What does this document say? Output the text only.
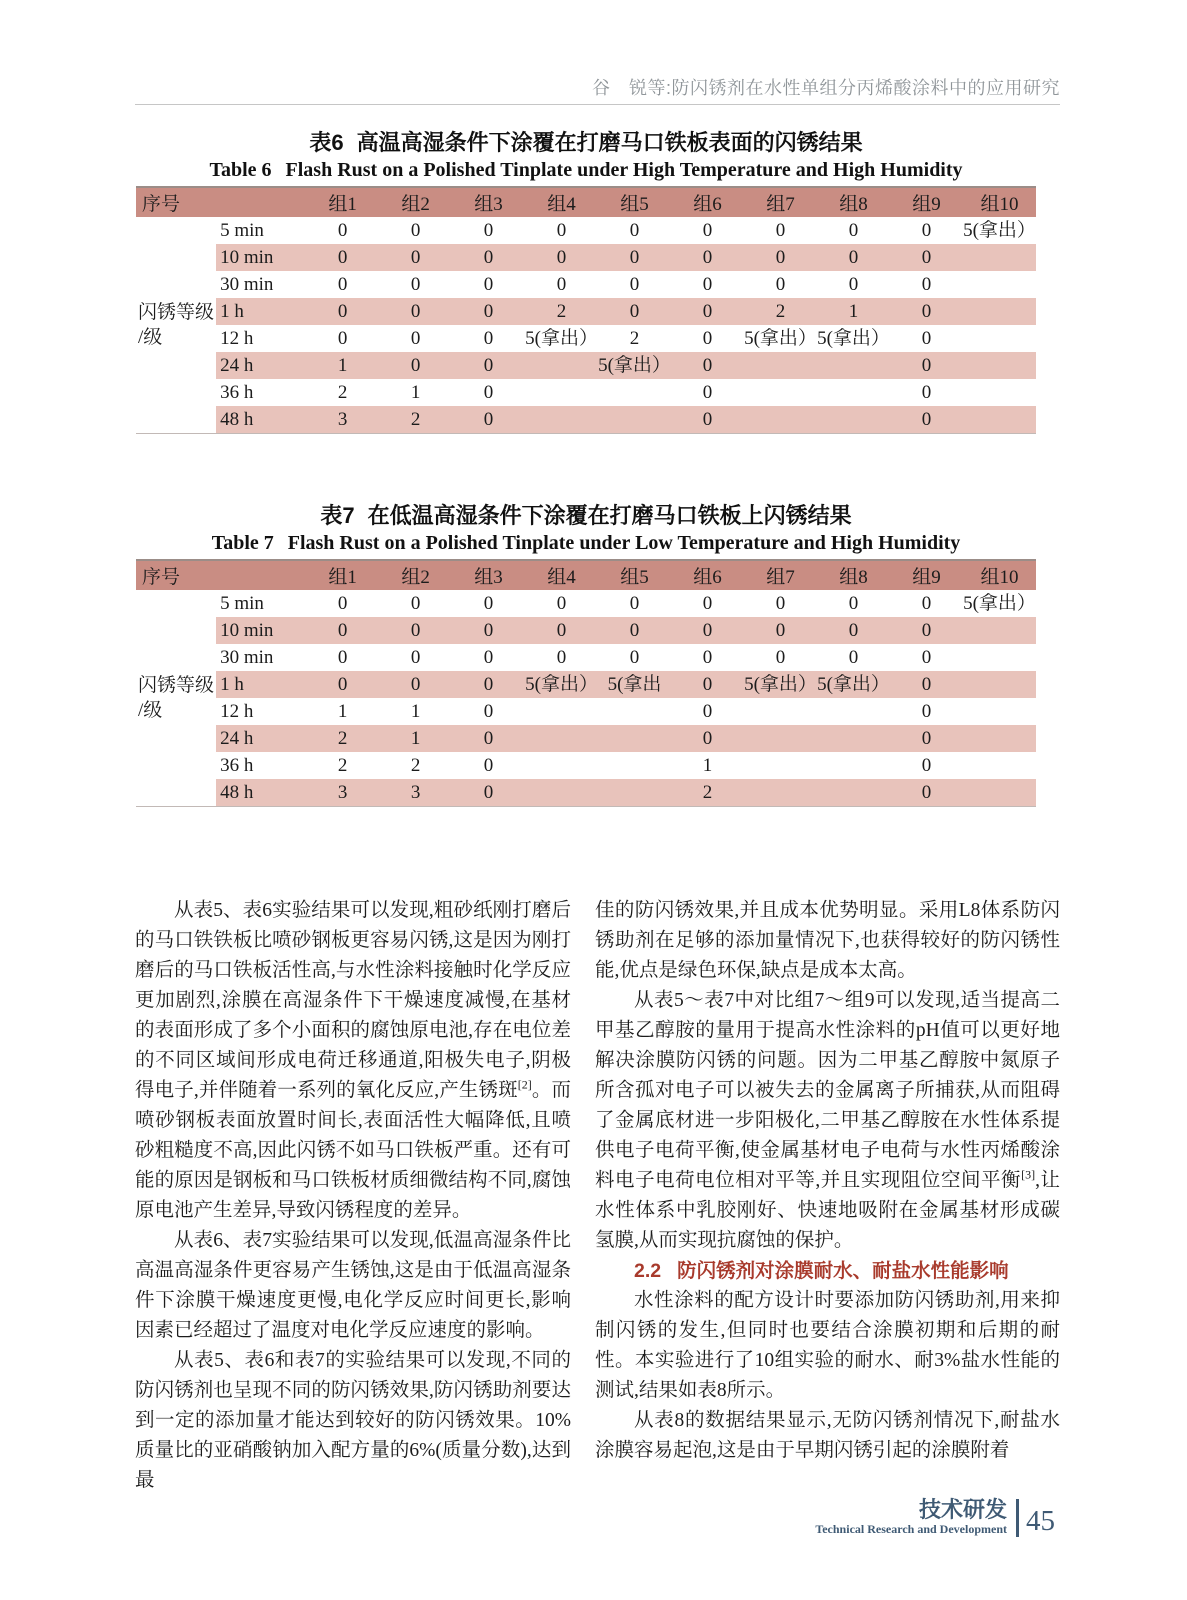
谷　锐等:防闪锈剂在水性单组分丙烯酸涂料中的应用研究
表6 高温高湿条件下涂覆在打磨马口铁板表面的闪锈结果
Table 6 Flash Rust on a Polished Tinplate under High Temperature and High Humidity
序号		组1	组2	组3	组4	组5	组6	组7	组8	组9	组10

闪锈等级
/级	5 min	0	0	0	0	0	0	0	0	0	5(拿出）
	10 min	0	0	0	0	0	0	0	0	0	
	30 min	0	0	0	0	0	0	0	0	0	
	1 h	0	0	0	2	0	0	2	1	0	
	12 h	0	0	0	5(拿出）	2	0	5(拿出）	5(拿出）	0	
	24 h	1	0	0		5(拿出）	0			0	
	36 h	2	1	0			0			0	
	48 h	3	2	0			0			0	
表7 在低温高湿条件下涂覆在打磨马口铁板上闪锈结果
Table 7 Flash Rust on a Polished Tinplate under Low Temperature and High Humidity
序号		组1	组2	组3	组4	组5	组6	组7	组8	组9	组10

闪锈等级
/级	5 min	0	0	0	0	0	0	0	0	0	5(拿出）
	10 min	0	0	0	0	0	0	0	0	0	
	30 min	0	0	0	0	0	0	0	0	0	
	1 h	0	0	0	5(拿出）	5(拿出	0	5(拿出）	5(拿出）	0	
	12 h	1	1	0			0			0	
	24 h	2	1	0			0			0	
	36 h	2	2	0			1			0	
	48 h	3	3	0			2			0	

从表5、表6实验结果可以发现,粗砂纸刚打磨后的马口铁铁板比喷砂钢板更容易闪锈,这是因为刚打磨后的马口铁板活性高,与水性涂料接触时化学反应更加剧烈,涂膜在高湿条件下干燥速度减慢,在基材的表面形成了多个小面积的腐蚀原电池,存在电位差的不同区域间形成电荷迁移通道,阳极失电子,阴极得电子,并伴随着一系列的氧化反应,产生锈斑[2]。而喷砂钢板表面放置时间长,表面活性大幅降低,且喷砂粗糙度不高,因此闪锈不如马口铁板严重。还有可能的原因是钢板和马口铁板材质细微结构不同,腐蚀原电池产生差异,导致闪锈程度的差异。

从表6、表7实验结果可以发现,低温高湿条件比高温高湿条件更容易产生锈蚀,这是由于低温高湿条件下涂膜干燥速度更慢,电化学反应时间更长,影响因素已经超过了温度对电化学反应速度的影响。

从表5、表6和表7的实验结果可以发现,不同的防闪锈剂也呈现不同的防闪锈效果,防闪锈助剂要达到一定的添加量才能达到较好的防闪锈效果。10%质量比的亚硝酸钠加入配方量的6%(质量分数),达到最

佳的防闪锈效果,并且成本优势明显。采用L8体系防闪锈助剂在足够的添加量情况下,也获得较好的防闪锈性能,优点是绿色环保,缺点是成本太高。

从表5～表7中对比组7～组9可以发现,适当提高二甲基乙醇胺的量用于提高水性涂料的pH值可以更好地解决涂膜防闪锈的问题。因为二甲基乙醇胺中氮原子所含孤对电子可以被失去的金属离子所捕获,从而阻碍了金属底材进一步阳极化,二甲基乙醇胺在水性体系提供电子电荷平衡,使金属基材电子电荷与水性丙烯酸涂料电子电荷电位相对平等,并且实现阻位空间平衡[3],让水性体系中乳胶刚好、快速地吸附在金属基材形成碳氢膜,从而实现抗腐蚀的保护。

2.2 防闪锈剂对涂膜耐水、耐盐水性能影响

水性涂料的配方设计时要添加防闪锈助剂,用来抑制闪锈的发生,但同时也要结合涂膜初期和后期的耐性。本实验进行了10组实验的耐水、耐3%盐水性能的测试,结果如表8所示。

从表8的数据结果显示,无防闪锈剂情况下,耐盐水涂膜容易起泡,这是由于早期闪锈引起的涂膜附着

技术研发
Technical Research and Development 45
